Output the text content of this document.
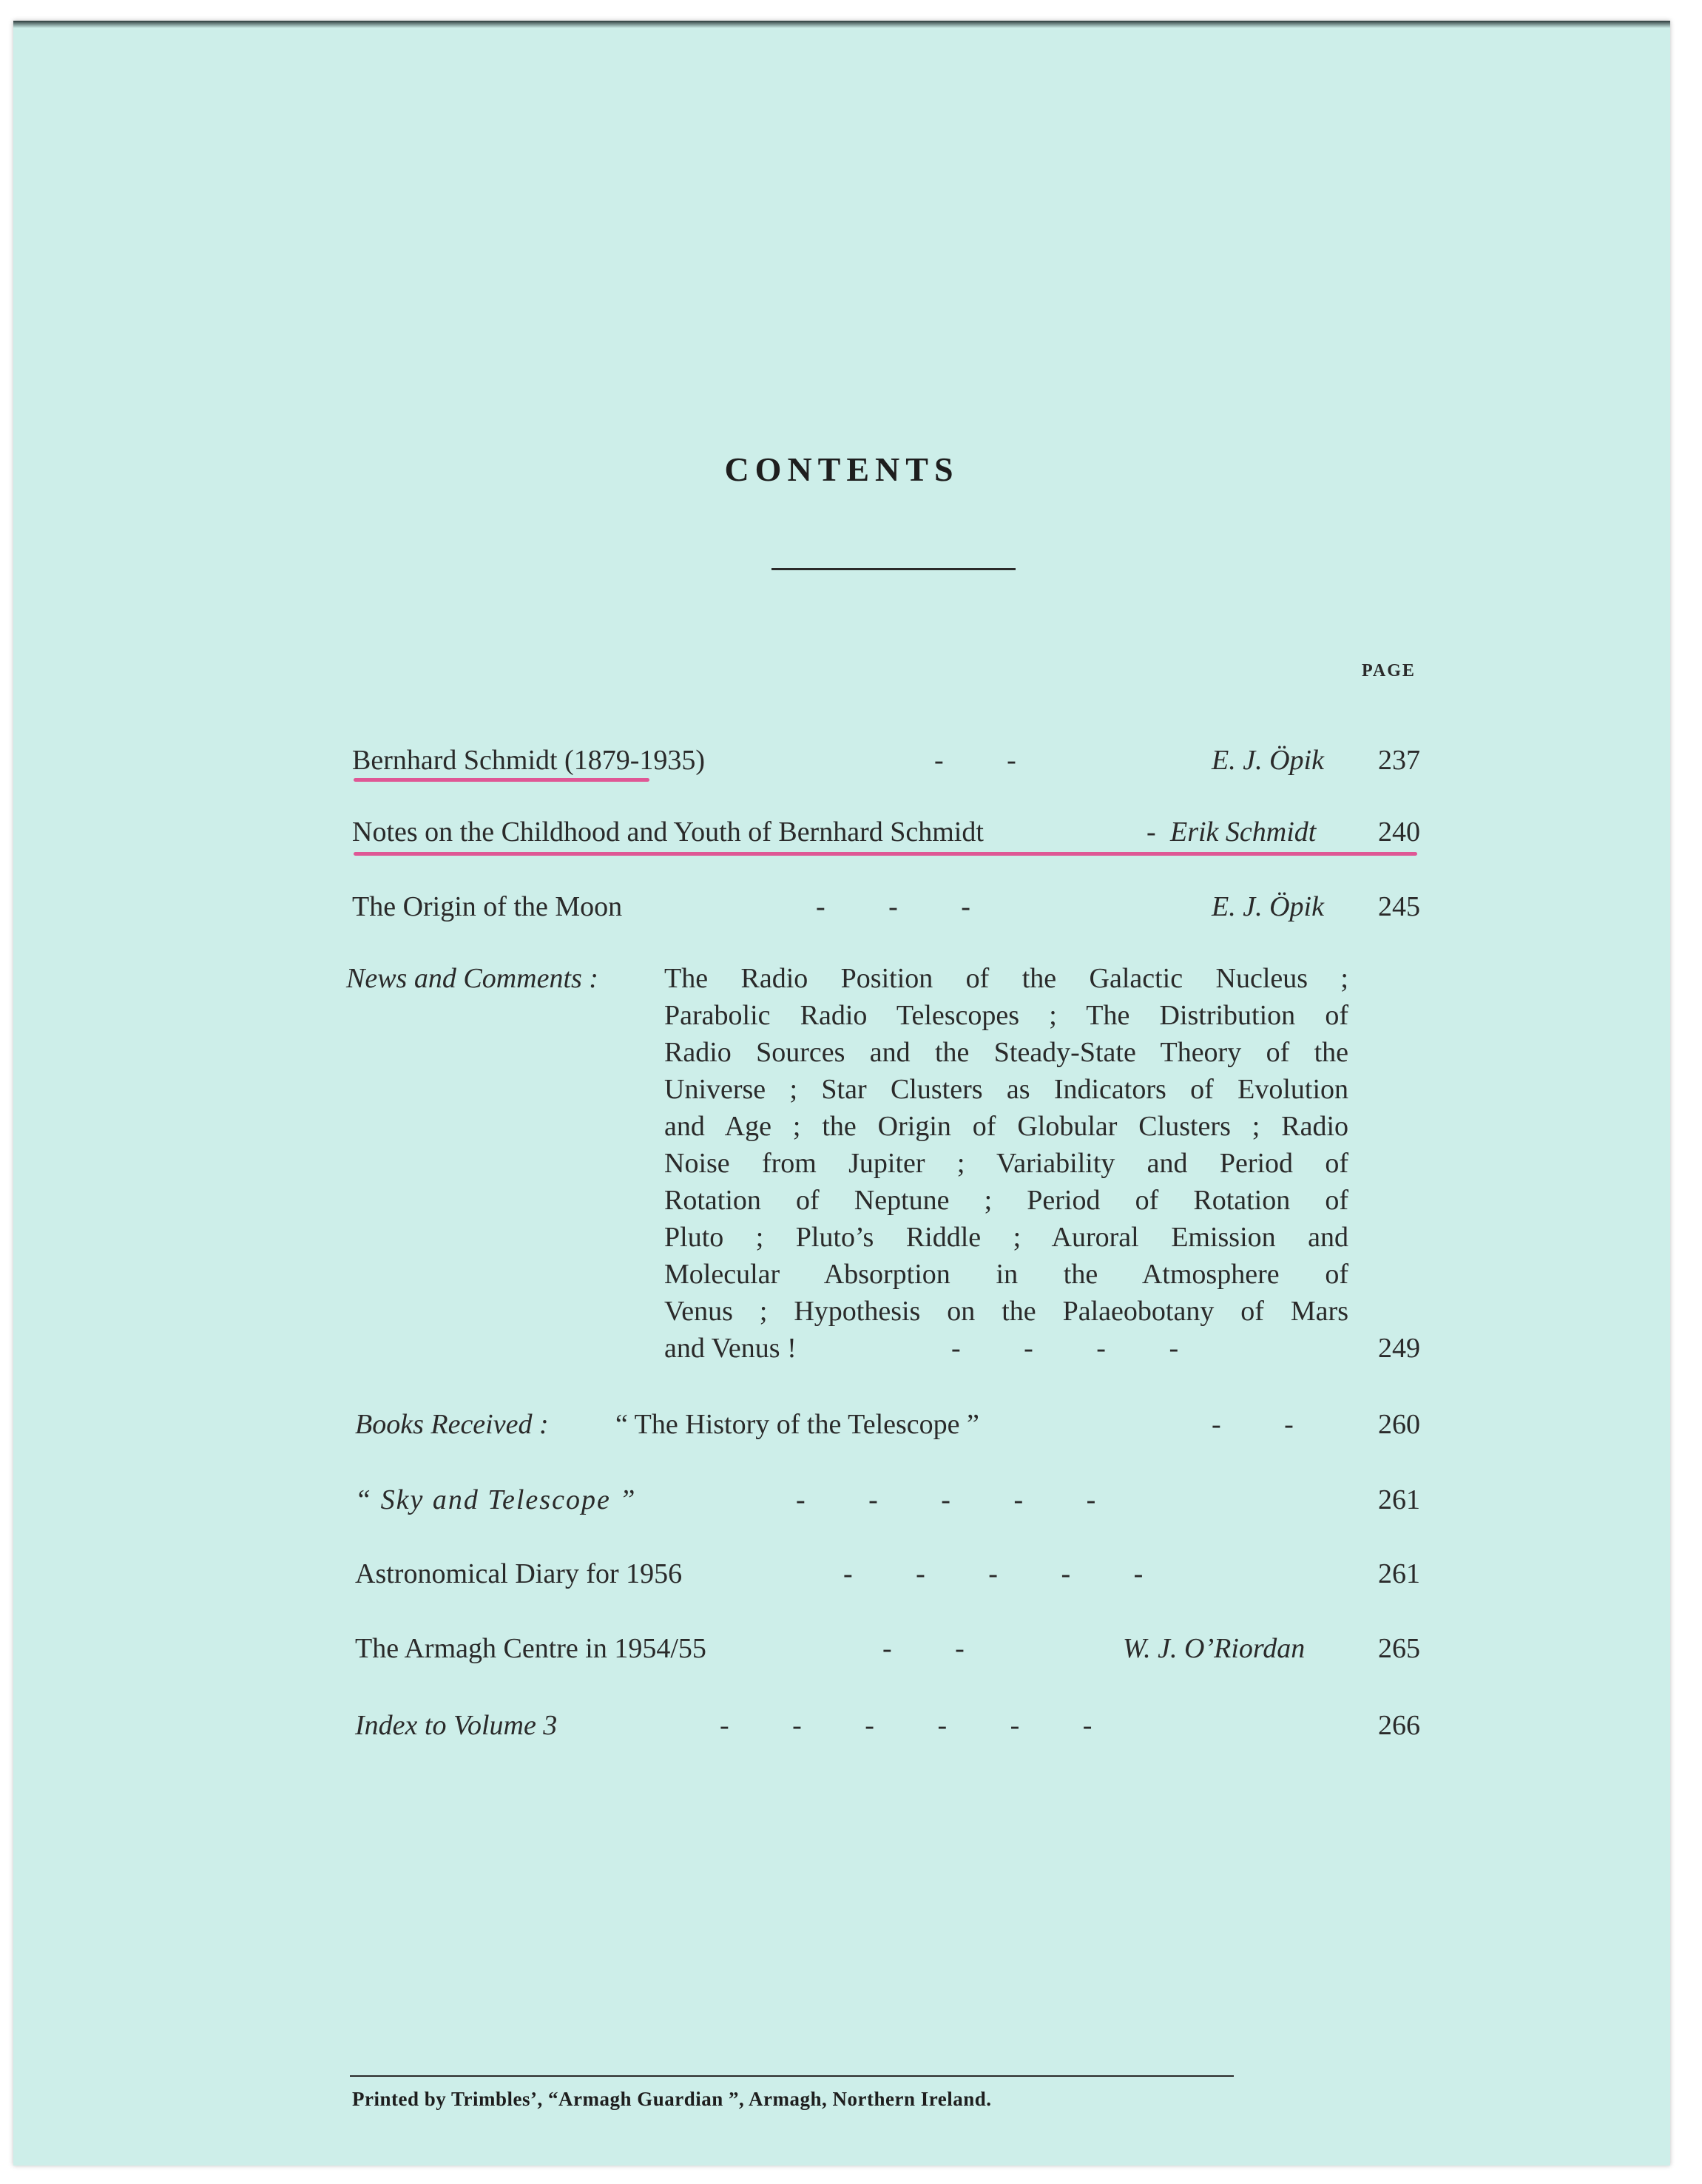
CONTENTS
PAGE
Bernhard Schmidt (1879-1935)	-         -	E. J. Öpik 237
Notes on the Childhood and Youth of Bernhard Schmidt	- Erik Schmidt 240
The Origin of the Moon	-         -         -	E. J. Öpik 245
News and Comments : The Radio Position of the Galactic Nucleus ;
Parabolic Radio Telescopes ; The Distribution of
Radio Sources and the Steady-State Theory of the
Universe ; Star Clusters as Indicators of Evolution
and Age ; the Origin of Globular Clusters ; Radio
Noise from Jupiter ; Variability and Period of
Rotation of Neptune ; Period of Rotation of
Pluto ; Pluto’s Riddle ; Auroral Emission and
Molecular Absorption in the Atmosphere of
Venus ; Hypothesis on the Palaeobotany of Mars
and Venus !	-         -         -         -	249
Books Received : “ The History of the Telescope ”	-         -	260
“ Sky and Telescope ”	-         -         -         -         -	261
Astronomical Diary for 1956	-         -         -         -         -	261
The Armagh Centre in 1954/55	-         -	W. J. O’Riordan	265
Index to Volume 3	-         -         -         -         -         -	266
Printed by Trimbles’, “Armagh Guardian ”, Armagh, Northern Ireland.
